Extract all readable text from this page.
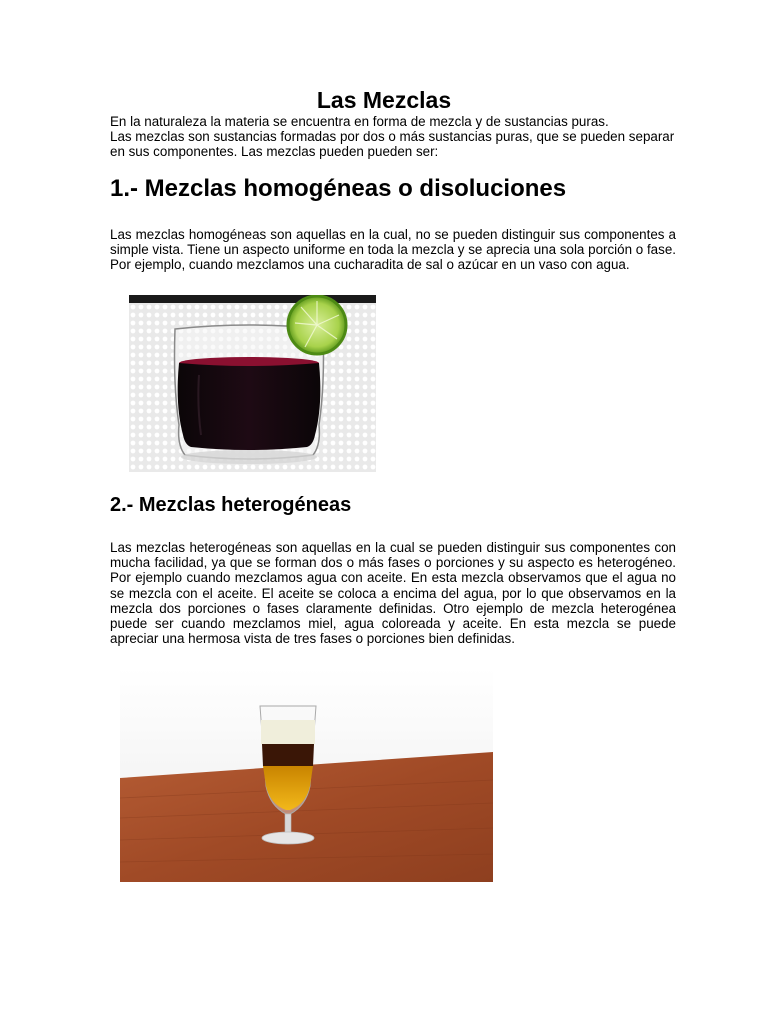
Las Mezclas
En la naturaleza la materia se encuentra en forma de mezcla y de sustancias puras.
Las mezclas son sustancias formadas por dos o más sustancias puras, que se pueden separar en sus componentes. Las mezclas pueden pueden ser:
1.- Mezclas homogéneas o disoluciones
Las mezclas homogéneas son aquellas en la cual, no se pueden distinguir sus componentes a simple vista. Tiene un aspecto uniforme en toda la mezcla y se aprecia una sola porción o fase. Por ejemplo, cuando mezclamos una cucharadita de sal o azúcar en un vaso con agua.
2.- Mezclas heterogéneas
Las mezclas heterogéneas son aquellas en la cual se pueden distinguir sus componentes con mucha facilidad, ya que se forman dos o más fases o porciones y su aspecto es heterogéneo. Por ejemplo cuando mezclamos agua con aceite. En esta mezcla observamos que el agua no se mezcla con el aceite. El aceite se coloca a encima del agua, por lo que observamos en la mezcla dos porciones o fases claramente definidas. Otro ejemplo de mezcla heterogénea puede ser cuando mezclamos miel, agua coloreada y aceite. En esta mezcla se puede apreciar una hermosa vista de tres fases o porciones bien definidas.
